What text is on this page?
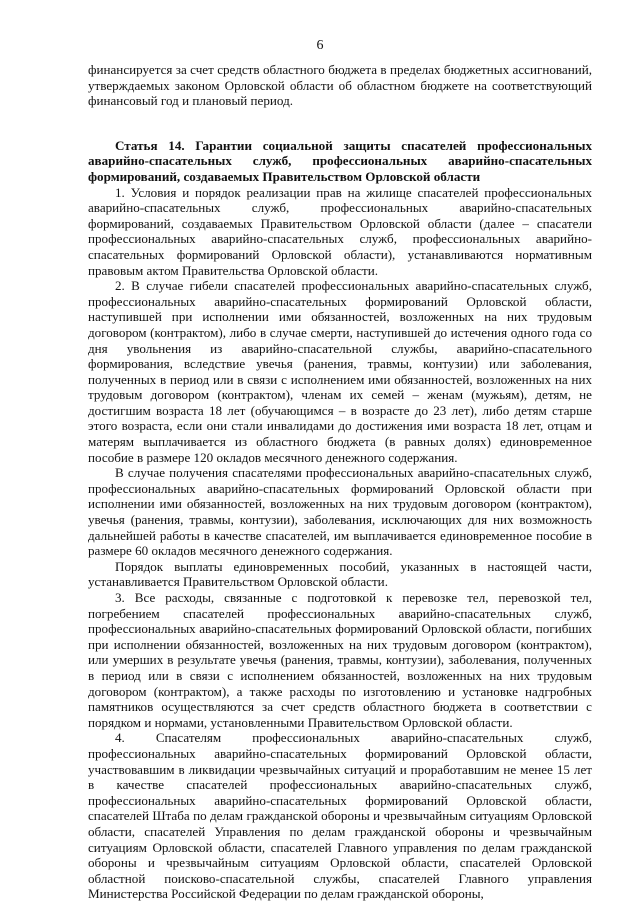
6

финансируется за счет средств областного бюджета в пределах бюджетных ассигнований, утверждаемых законом Орловской области об областном бюджете на соответствующий финансовый год и плановый период.

Статья 14. Гарантии социальной защиты спасателей профессиональных аварийно-спасательных служб, профессиональных аварийно-спасательных формирований, создаваемых Правительством Орловской области

1. Условия и порядок реализации прав на жилище спасателей профессиональных аварийно-спасательных служб, профессиональных аварийно-спасательных формирований, создаваемых Правительством Орловской области (далее – спасатели профессиональных аварийно-спасательных служб, профессиональных аварийно-спасательных формирований Орловской области), устанавливаются нормативным правовым актом Правительства Орловской области.

2. В случае гибели спасателей профессиональных аварийно-спасательных служб, профессиональных аварийно-спасательных формирований Орловской области, наступившей при исполнении ими обязанностей, возложенных на них трудовым договором (контрактом), либо в случае смерти, наступившей до истечения одного года со дня увольнения из аварийно-спасательной службы, аварийно-спасательного формирования, вследствие увечья (ранения, травмы, контузии) или заболевания, полученных в период или в связи с исполнением ими обязанностей, возложенных на них трудовым договором (контрактом), членам их семей – женам (мужьям), детям, не достигшим возраста 18 лет (обучающимся – в возрасте до 23 лет), либо детям старше этого возраста, если они стали инвалидами до достижения ими возраста 18 лет, отцам и матерям выплачивается из областного бюджета (в равных долях) единовременное пособие в размере 120 окладов месячного денежного содержания.

В случае получения спасателями профессиональных аварийно-спасательных служб, профессиональных аварийно-спасательных формирований Орловской области при исполнении ими обязанностей, возложенных на них трудовым договором (контрактом), увечья (ранения, травмы, контузии), заболевания, исключающих для них возможность дальнейшей работы в качестве спасателей, им выплачивается единовременное пособие в размере 60 окладов месячного денежного содержания.

Порядок выплаты единовременных пособий, указанных в настоящей части, устанавливается Правительством Орловской области.

3. Все расходы, связанные с подготовкой к перевозке тел, перевозкой тел, погребением спасателей профессиональных аварийно-спасательных служб, профессиональных аварийно-спасательных формирований Орловской области, погибших при исполнении обязанностей, возложенных на них трудовым договором (контрактом), или умерших в результате увечья (ранения, травмы, контузии), заболевания, полученных в период или в связи с исполнением обязанностей, возложенных на них трудовым договором (контрактом), а также расходы по изготовлению и установке надгробных памятников осуществляются за счет средств областного бюджета в соответствии с порядком и нормами, установленными Правительством Орловской области.

4. Спасателям профессиональных аварийно-спасательных служб, профессиональных аварийно-спасательных формирований Орловской области, участвовавшим в ликвидации чрезвычайных ситуаций и проработавшим не менее 15 лет в качестве спасателей профессиональных аварийно-спасательных служб, профессиональных аварийно-спасательных формирований Орловской области, спасателей Штаба по делам гражданской обороны и чрезвычайным ситуациям Орловской области, спасателей Управления по делам гражданской обороны и чрезвычайным ситуациям Орловской области, спасателей Главного управления по делам гражданской обороны и чрезвычайным ситуациям Орловской области, спасателей Орловской областной поисково-спасательной службы, спасателей Главного управления Министерства Российской Федерации по делам гражданской обороны,
